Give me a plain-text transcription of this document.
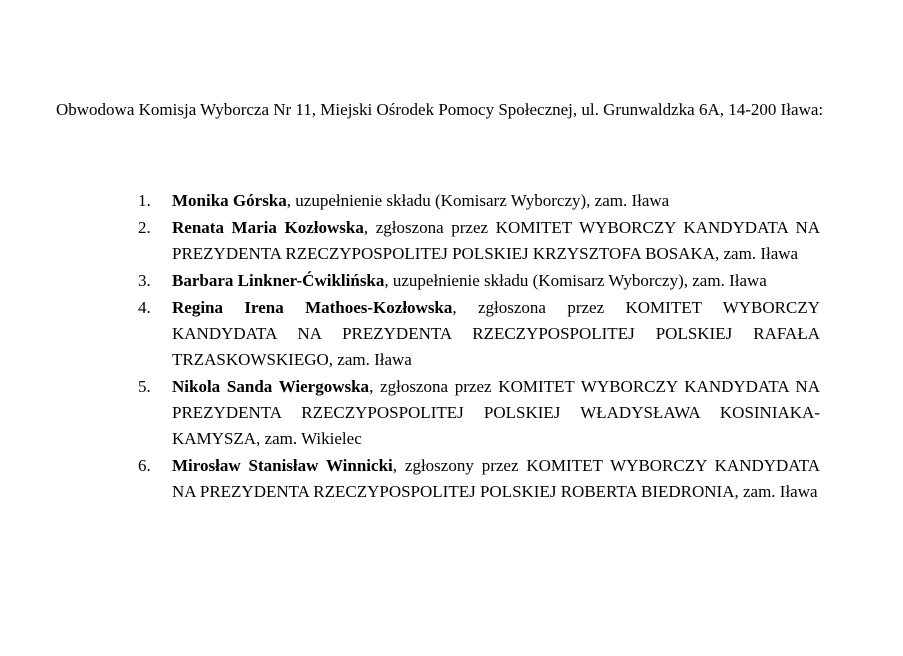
Obwodowa Komisja Wyborcza Nr 11, Miejski Ośrodek Pomocy Społecznej, ul. Grunwaldzka 6A, 14-200 Iława:
1. Monika Górska, uzupełnienie składu (Komisarz Wyborczy), zam. Iława
2. Renata Maria Kozłowska, zgłoszona przez KOMITET WYBORCZY KANDYDATA NA PREZYDENTA RZECZYPOSPOLITEJ POLSKIEJ KRZYSZTOFA BOSAKA, zam. Iława
3. Barbara Linkner-Ćwiklińska, uzupełnienie składu (Komisarz Wyborczy), zam. Iława
4. Regina Irena Mathoes-Kozłowska, zgłoszona przez KOMITET WYBORCZY KANDYDATA NA PREZYDENTA RZECZYPOSPOLITEJ POLSKIEJ RAFAŁA TRZASKOWSKIEGO, zam. Iława
5. Nikola Sanda Wiergowska, zgłoszona przez KOMITET WYBORCZY KANDYDATA NA PREZYDENTA RZECZYPOSPOLITEJ POLSKIEJ WŁADYSŁAWA KOSINIAKA-KAMYSZA, zam. Wikielec
6. Mirosław Stanisław Winnicki, zgłoszony przez KOMITET WYBORCZY KANDYDATA NA PREZYDENTA RZECZYPOSPOLITEJ POLSKIEJ ROBERTA BIEDRONIA, zam. Iława
